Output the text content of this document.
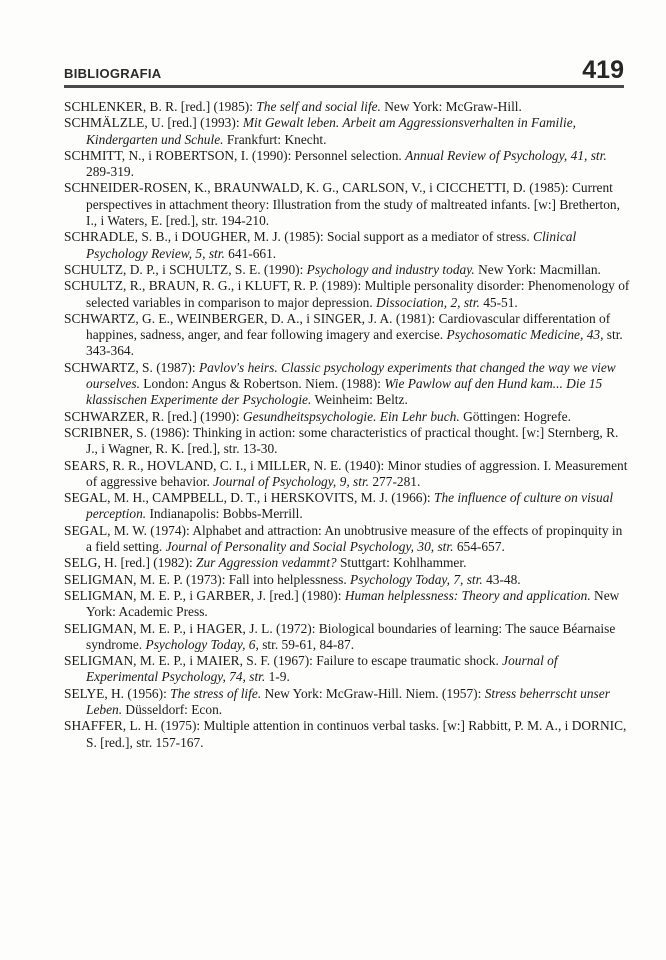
BIBLIOGRAFIA	419

SCHLENKER, B. R. [red.] (1985): The self and social life. New York: McGraw-Hill.

SCHMÄLZLE, U. [red.] (1993): Mit Gewalt leben. Arbeit am Aggressionsverhalten in Familie, Kindergarten und Schule. Frankfurt: Knecht.

SCHMITT, N., i ROBERTSON, I. (1990): Personnel selection. Annual Review of Psychology, 41, str. 289-319.

SCHNEIDER-ROSEN, K., BRAUNWALD, K. G., CARLSON, V., i CICCHETTI, D. (1985): Current perspectives in attachment theory: Illustration from the study of maltreated infants. [w:] Bretherton, I., i Waters, E. [red.], str. 194-210.

SCHRADLE, S. B., i DOUGHER, M. J. (1985): Social support as a mediator of stress. Clinical Psychology Review, 5, str. 641-661.

SCHULTZ, D. P., i SCHULTZ, S. E. (1990): Psychology and industry today. New York: Macmillan.

SCHULTZ, R., BRAUN, R. G., i KLUFT, R. P. (1989): Multiple personality disorder: Phenomenology of selected variables in comparison to major depression. Dissociation, 2, str. 45-51.

SCHWARTZ, G. E., WEINBERGER, D. A., i SINGER, J. A. (1981): Cardiovascular differentation of happines, sadness, anger, and fear following imagery and exercise. Psychosomatic Medicine, 43, str. 343-364.

SCHWARTZ, S. (1987): Pavlov's heirs. Classic psychology experiments that changed the way we view ourselves. London: Angus & Robertson. Niem. (1988): Wie Pawlow auf den Hund kam... Die 15 klassischen Experimente der Psychologie. Weinheim: Beltz.

SCHWARZER, R. [red.] (1990): Gesundheitspsychologie. Ein Lehr buch. Göttingen: Hogrefe.

SCRIBNER, S. (1986): Thinking in action: some characteristics of practical thought. [w:] Sternberg, R. J., i Wagner, R. K. [red.], str. 13-30.

SEARS, R. R., HOVLAND, C. I., i MILLER, N. E. (1940): Minor studies of aggression. I. Measurement of aggressive behavior. Journal of Psychology, 9, str. 277-281.

SEGAL, M. H., CAMPBELL, D. T., i HERSKOVITS, M. J. (1966): The influence of culture on visual perception. Indianapolis: Bobbs-Merrill.

SEGAL, M. W. (1974): Alphabet and attraction: An unobtrusive measure of the effects of propinquity in a field setting. Journal of Personality and Social Psychology, 30, str. 654-657.

SELG, H. [red.] (1982): Zur Aggression vedammt? Stuttgart: Kohlhammer.

SELIGMAN, M. E. P. (1973): Fall into helplessness. Psychology Today, 7, str. 43-48.

SELIGMAN, M. E. P., i GARBER, J. [red.] (1980): Human helplessness: Theory and application. New York: Academic Press.

SELIGMAN, M. E. P., i HAGER, J. L. (1972): Biological boundaries of learning: The sauce Béarnaise syndrome. Psychology Today, 6, str. 59-61, 84-87.

SELIGMAN, M. E. P., i MAIER, S. F. (1967): Failure to escape traumatic shock. Journal of Experimental Psychology, 74, str. 1-9.

SELYE, H. (1956): The stress of life. New York: McGraw-Hill. Niem. (1957): Stress beherrscht unser Leben. Düsseldorf: Econ.

SHAFFER, L. H. (1975): Multiple attention in continuos verbal tasks. [w:] Rabbitt, P. M. A., i DORNIC, S. [red.], str. 157-167.
